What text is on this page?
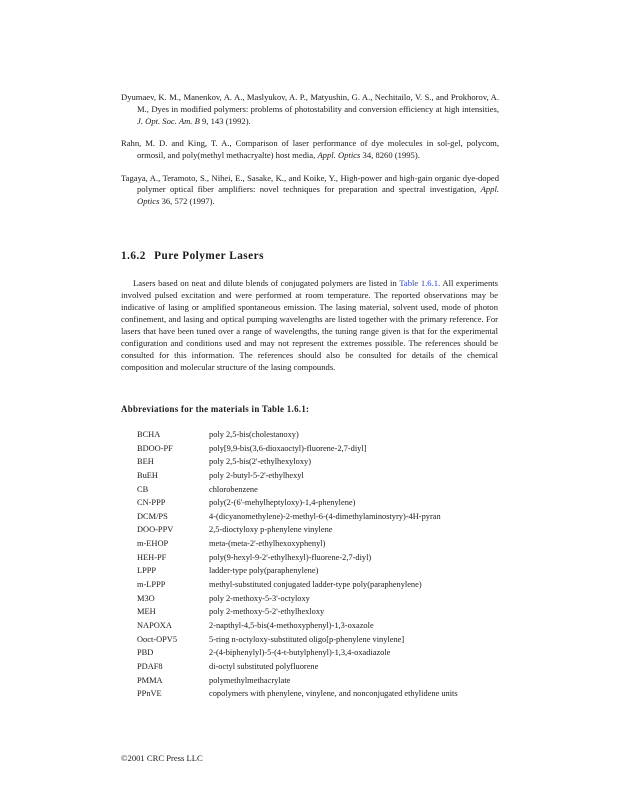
Dyumaev, K. M., Manenkov, A. A., Maslyukov, A. P., Matyushin, G. A., Nechitailo, V. S., and Prokhorov, A. M., Dyes in modified polymers: problems of photostability and conversion efficiency at high intensities, J. Opt. Soc. Am. B 9, 143 (1992).

Rahn, M. D. and King, T. A., Comparison of laser performance of dye molecules in sol-gel, polycom, ormosil, and poly(methyl methacryalte) host media, Appl. Optics 34, 8260 (1995).

Tagaya, A., Teramoto, S., Nihei, E., Sasake, K., and Koike, Y., High-power and high-gain organic dye-doped polymer optical fiber amplifiers: novel techniques for preparation and spectral investigation, Appl. Optics 36, 572 (1997).

1.6.2 Pure Polymer Lasers

Lasers based on neat and dilute blends of conjugated polymers are listed in Table 1.6.1. All experiments involved pulsed excitation and were performed at room temperature. The reported observations may be indicative of lasing or amplified spontaneous emission. The lasing material, solvent used, mode of photon confinement, and lasing and optical pumping wavelengths are listed together with the primary reference. For lasers that have been tuned over a range of wavelengths, the tuning range given is that for the experimental configuration and conditions used and may not represent the extremes possible. The references should be consulted for this information. The references should also be consulted for details of the chemical composition and molecular structure of the lasing compounds.

Abbreviations for the materials in Table 1.6.1:
BCHA	poly 2,5-bis(cholestanoxy)
BDOO-PF	poly[9,9-bis(3,6-dioxaoctyl)-fluorene-2,7-diyl]
BEH	poly 2,5-bis(2'-ethylhexyloxy)
BuEH	poly 2-butyl-5-2'-ethylhexyl
CB	chlorobenzene
CN-PPP	poly(2-(6'-mehylheptyloxy)-1,4-phenylene)
DCM/PS	4-(dicyanomethylene)-2-methyl-6-(4-dimethylaminostyry)-4H-pyran
DOO-PPV	2,5-dioctyloxy p-phenylene vinylene
m-EHOP	meta-(meta-2'-ethylhexoxyphenyl)
HEH-PF	poly(9-hexyl-9-2'-ethylhexyl)-fluorene-2,7-diyl)
LPPP	ladder-type poly(paraphenylene)
m-LPPP	methyl-substituted conjugated ladder-type poly(paraphenylene)
M3O	poly 2-methoxy-5-3'-octyloxy
MEH	poly 2-methoxy-5-2'-ethylhexloxy
NAPOXA	2-napthyl-4,5-bis(4-methoxyphenyl)-1,3-oxazole
Ooct-OPV5	5-ring n-octyloxy-substituted oligo[p-phenylene vinylene]
PBD	2-(4-biphenylyl)-5-(4-t-butylphenyl)-1,3,4-oxadiazole
PDAF8	di-octyl substituted polyfluorene
PMMA	polymethylmethacrylate
PPnVE	copolymers with phenylene, vinylene, and nonconjugated ethylidene units
©2001 CRC Press LLC
